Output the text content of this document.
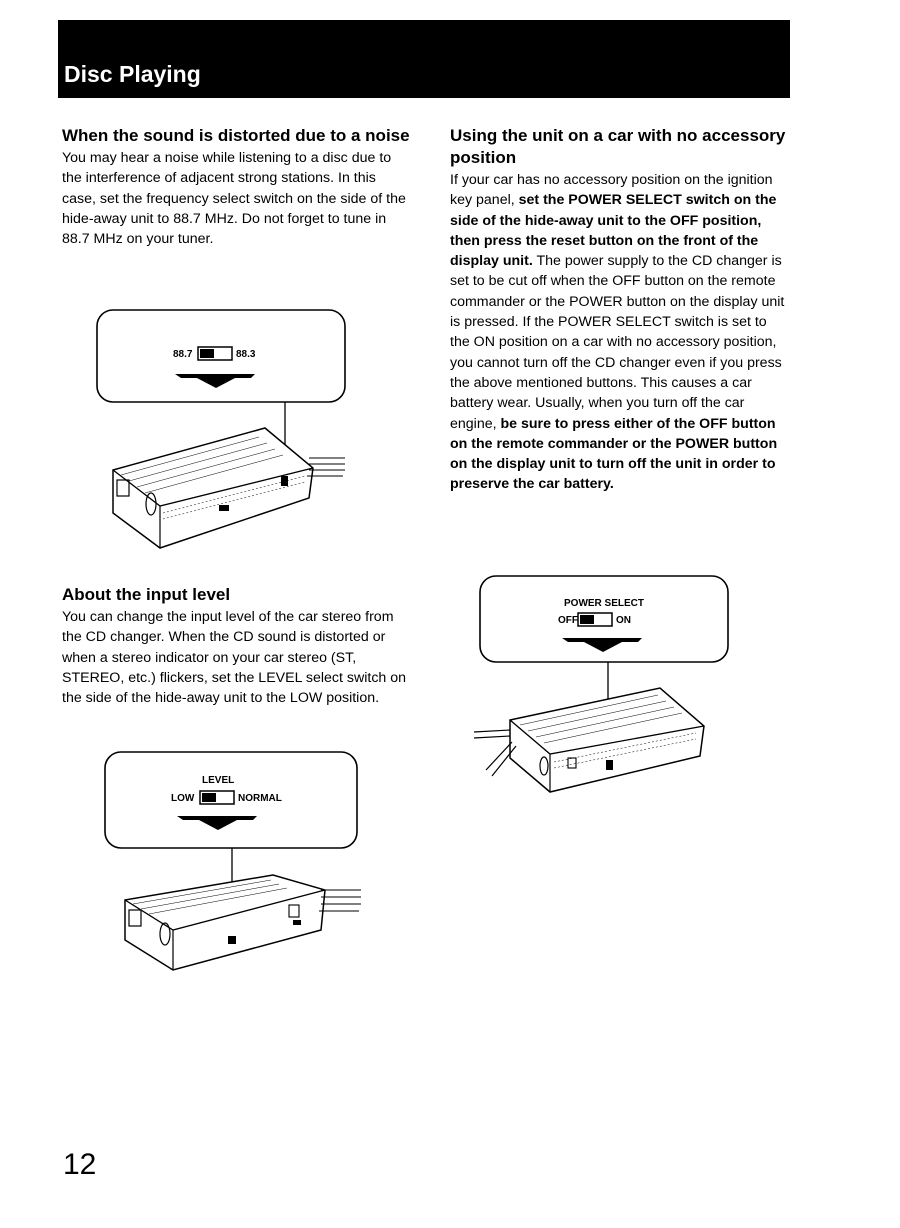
Disc Playing
When the sound is distorted due to a noise

You may hear a noise while listening to a disc due to the interference of adjacent strong stations. In this case, set the frequency select switch on the side of the hide-away unit to 88.7 MHz. Do not forget to tune in 88.7 MHz on your tuner.

88.7	88.3
About the input level

You can change the input level of the car stereo from the CD changer. When the CD sound is distorted or when a stereo indicator on your car stereo (ST, STEREO, etc.) flickers, set the LEVEL select switch on the side of the hide-away unit to the LOW position.

LEVEL
LOW	NORMAL
Using the unit on a car with no accessory position

If your car has no accessory position on the ignition key panel, set the POWER SELECT switch on the side of the hide-away unit to the OFF position, then press the reset button on the front of the display unit. The power supply to the CD changer is set to be cut off when the OFF button on the remote commander or the POWER button on the display unit is pressed. If the POWER SELECT switch is set to the ON position on a car with no accessory position, you cannot turn off the CD changer even if you press the above mentioned buttons. This causes a car battery wear. Usually, when you turn off the car engine, be sure to press either of the OFF button on the remote commander or the POWER button on the display unit to turn off the unit in order to preserve the car battery.

POWER SELECT
OFF	ON
12
